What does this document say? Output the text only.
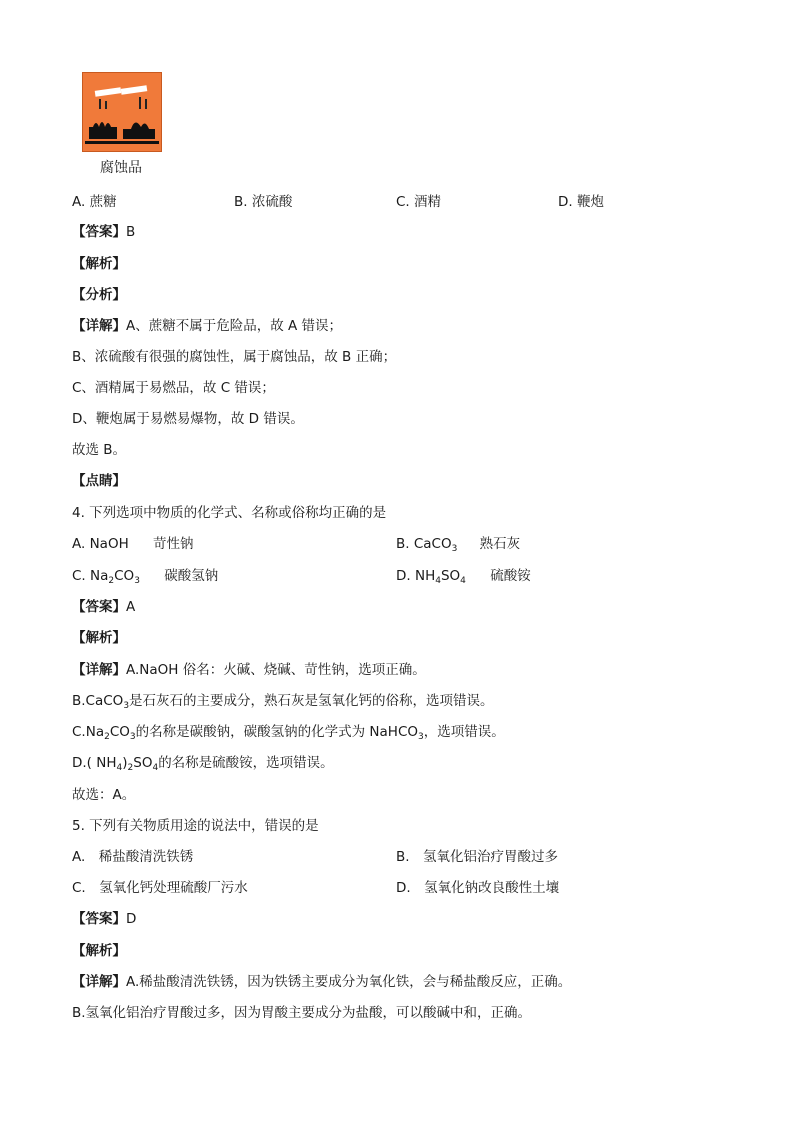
腐蚀品
A. 蔗糖	B. 浓硫酸	C. 酒精	D. 鞭炮
【答案】B
【解析】
【分析】
【详解】A、蔗糖不属于危险品，故 A 错误；
B、浓硫酸有很强的腐蚀性，属于腐蚀品，故 B 正确；
C、酒精属于易燃品，故 C 错误；
D、鞭炮属于易燃易爆物，故 D 错误。
故选 B。
【点睛】
4. 下列选项中物质的化学式、名称或俗称均正确的是
A. NaOH 苛性钠	B. CaCO$_3$ 熟石灰
C. $Na_2CO_3$ 碳酸氢钠	D. $NH_4SO_4$ 硫酸铵
【答案】A
【解析】
【详解】A.NaOH 俗名：火碱、烧碱、苛性钠，选项正确。
B.CaCO$_3$是石灰石的主要成分，熟石灰是氢氧化钙的俗称，选项错误。
$C.Na_2CO_3$的名称是碳酸钠，碳酸氢钠的化学式为 NaHCO$_3$，选项错误。
D.( $NH_4)_2SO_4$的名称是硫酸铵，选项错误。
故选：A。
5. 下列有关物质用途的说法中，错误的是
A.　稀盐酸清洗铁锈	B.　氢氧化铝治疗胃酸过多
C.　氢氧化钙处理硫酸厂污水	D.　氢氧化钠改良酸性土壤
【答案】D
【解析】
【详解】A.稀盐酸清洗铁锈，因为铁锈主要成分为氧化铁，会与稀盐酸反应，正确。
B.氢氧化铝治疗胃酸过多，因为胃酸主要成分为盐酸，可以酸碱中和，正确。
